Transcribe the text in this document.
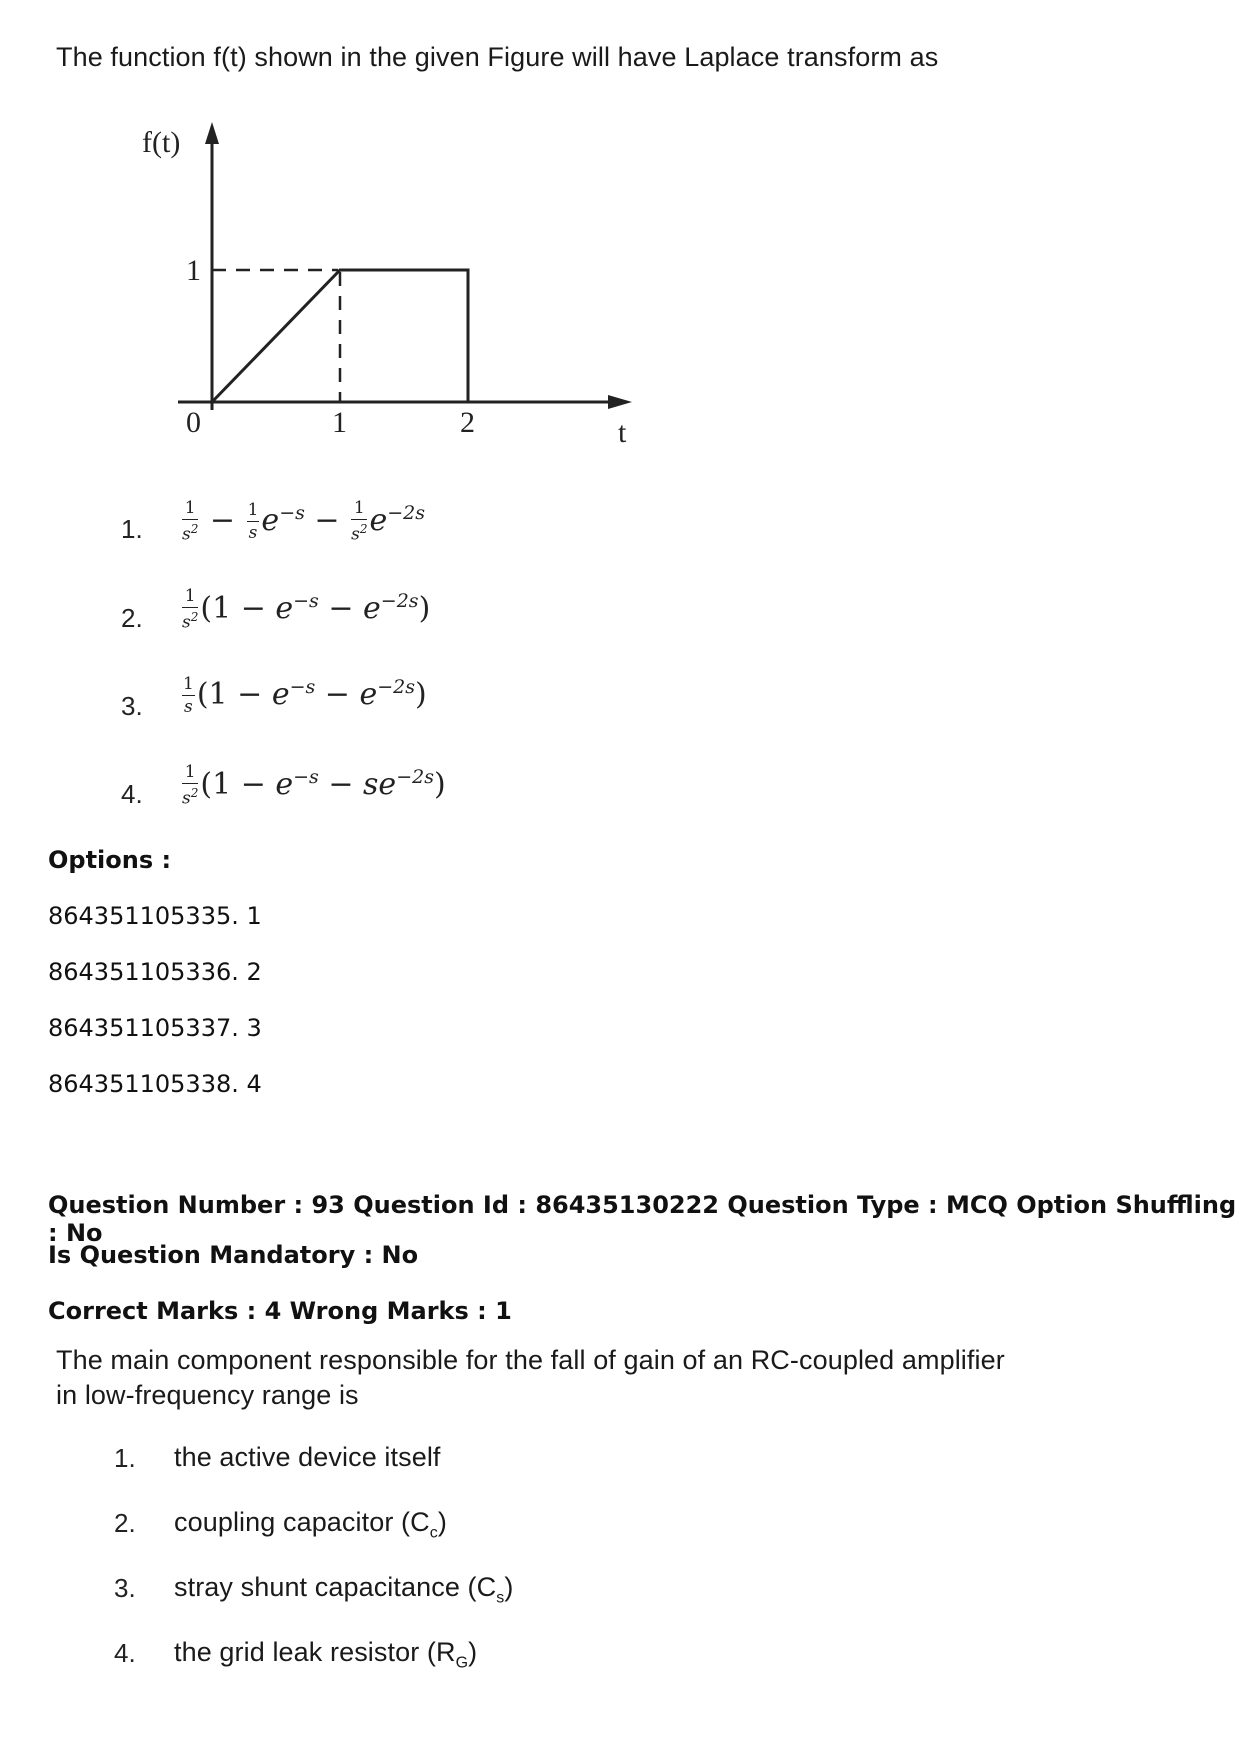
The function f(t) shown in the given Figure will have Laplace transform as
f(t)
t
1
0	1	2
1. $\frac{1}{s^2} - \frac{1}{s} e^{-s} - \frac{1}{s^2} e^{-2s}$
2. $\frac{1}{s^2} (1 - e^{-s} - e^{-2s})$
3. $\frac{1}{s} (1 - e^{-s} - e^{-2s})$
4. $\frac{1}{s^2} (1 - e^{-s} - se^{-2s})$
Options :
864351105335. 1
864351105336. 2
864351105337. 3
864351105338. 4
Question Number : 93 Question Id : 86435130222 Question Type : MCQ Option Shuffling : No
Is Question Mandatory : No
Correct Marks : 4 Wrong Marks : 1
The main component responsible for the fall of gain of an RC-coupled amplifier
in low-frequency range is
1. the active device itself
2. coupling capacitor $(C_c)$
3. stray shunt capacitance $(C_s)$
4. the grid leak resistor $(R_G)$
